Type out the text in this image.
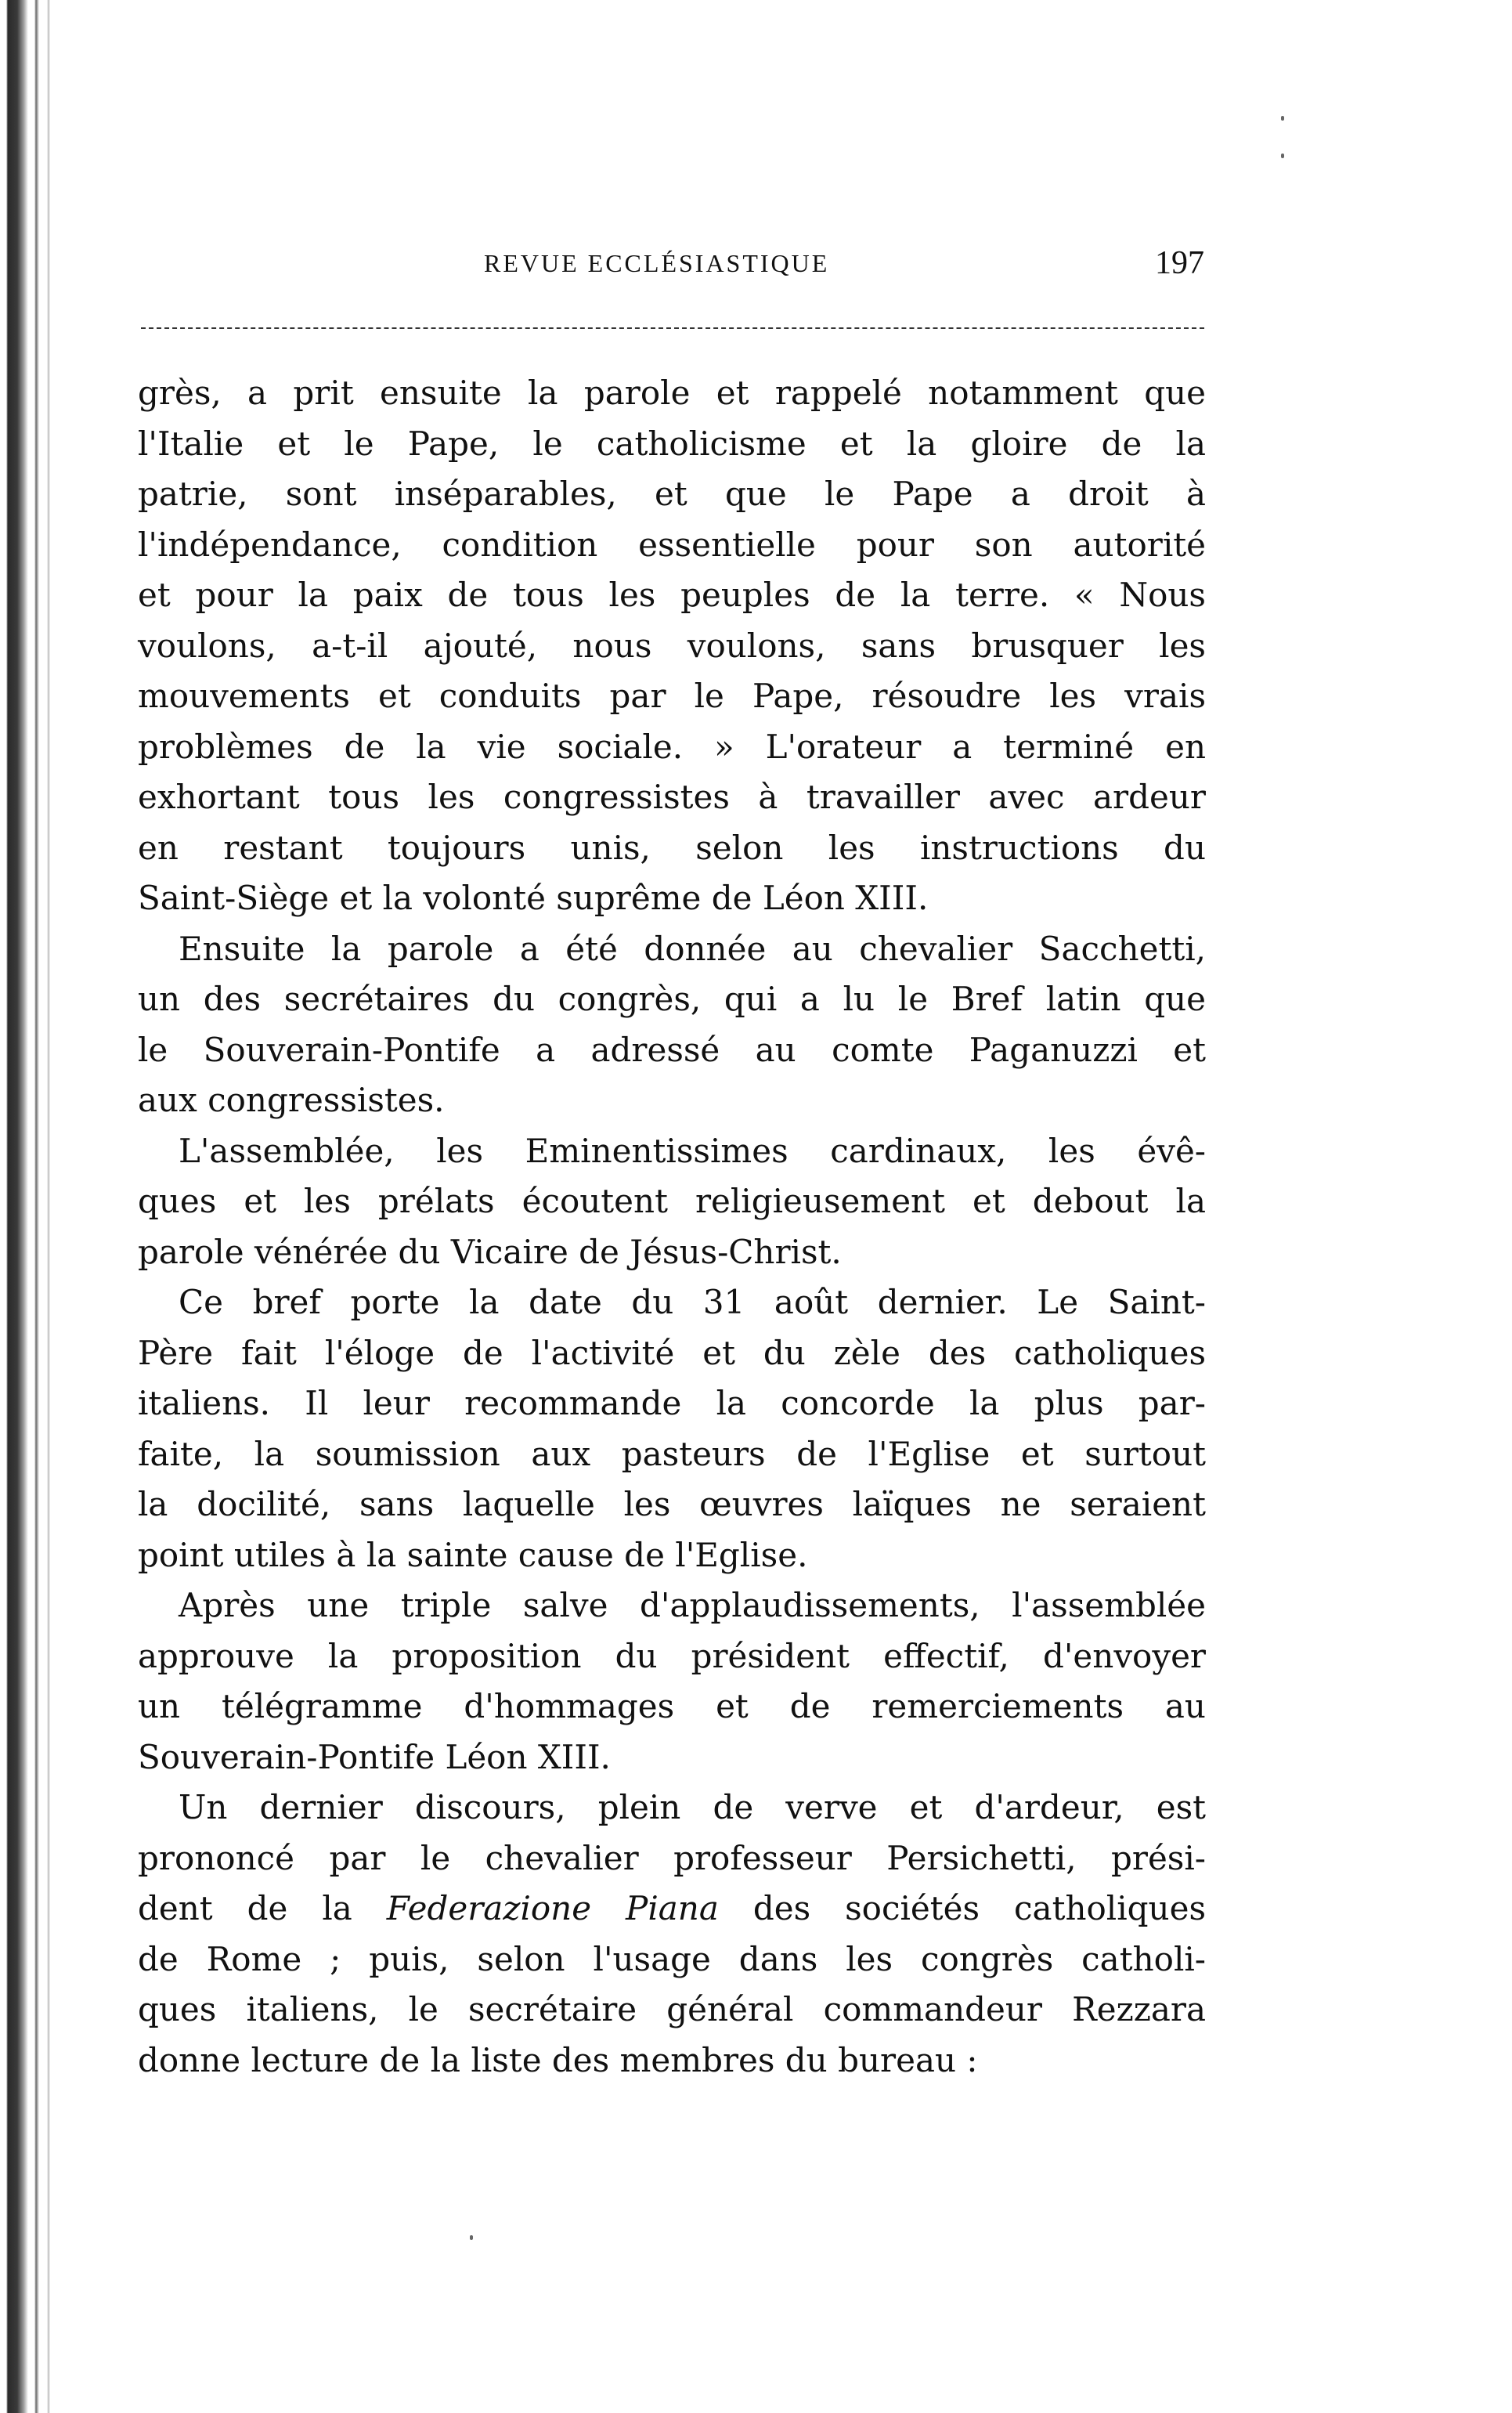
REVUE ECCLÉSIASTIQUE	197
grès, a prit ensuite la parole et rappelé notamment que
l'Italie et le Pape, le catholicisme et la gloire de la
patrie, sont inséparables, et que le Pape a droit à
l'indépendance, condition essentielle pour son autorité
et pour la paix de tous les peuples de la terre. « Nous
voulons, a-t-il ajouté, nous voulons, sans brusquer les
mouvements et conduits par le Pape, résoudre les vrais
problèmes de la vie sociale. » L'orateur a terminé en
exhortant tous les congressistes à travailler avec ardeur
en restant toujours unis, selon les instructions du
Saint-Siège et la volonté suprême de Léon XIII.
Ensuite la parole a été donnée au chevalier Sacchetti,
un des secrétaires du congrès, qui a lu le Bref latin que
le Souverain-Pontife a adressé au comte Paganuzzi et
aux congressistes.
L'assemblée, les Eminentissimes cardinaux, les évê-
ques et les prélats écoutent religieusement et debout la
parole vénérée du Vicaire de Jésus-Christ.
Ce bref porte la date du 31 août dernier. Le Saint-
Père fait l'éloge de l'activité et du zèle des catholiques
italiens. Il leur recommande la concorde la plus par-
faite, la soumission aux pasteurs de l'Eglise et surtout
la docilité, sans laquelle les œuvres laïques ne seraient
point utiles à la sainte cause de l'Eglise.
Après une triple salve d'applaudissements, l'assemblée
approuve la proposition du président effectif, d'envoyer
un télégramme d'hommages et de remerciements au
Souverain-Pontife Léon XIII.
Un dernier discours, plein de verve et d'ardeur, est
prononcé par le chevalier professeur Persichetti, prési-
dent de la Federazione Piana des sociétés catholiques
de Rome ; puis, selon l'usage dans les congrès catholi-
ques italiens, le secrétaire général commandeur Rezzara
donne lecture de la liste des membres du bureau :
